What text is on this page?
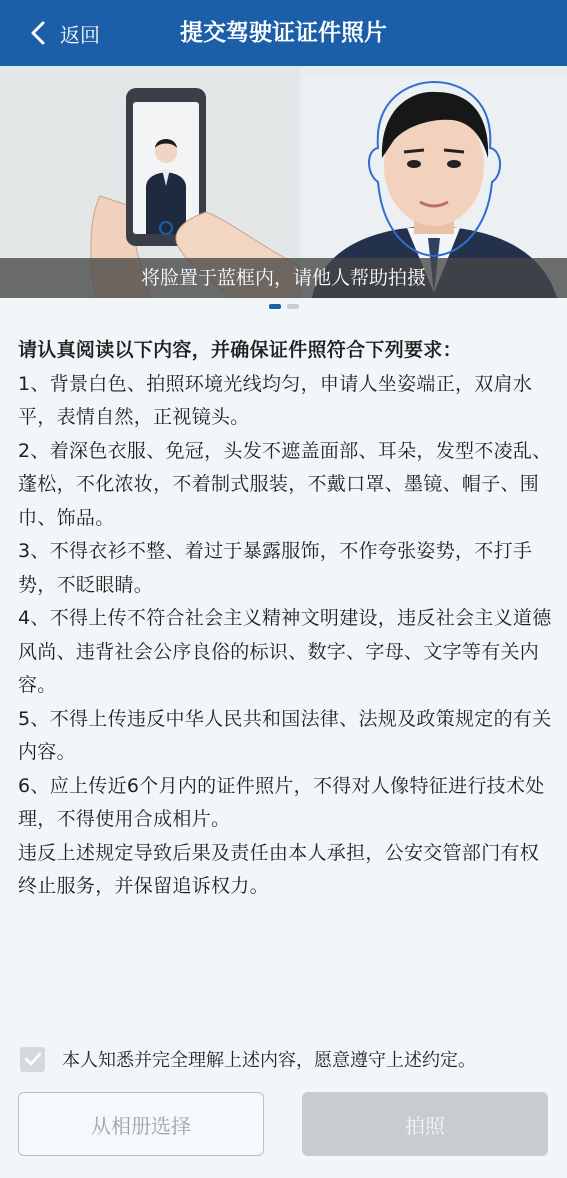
返回	提交驾驶证证件照片
将脸置于蓝框内，请他人帮助拍摄

请认真阅读以下内容，并确保证件照符合下列要求：

1、背景白色、拍照环境光线均匀，申请人坐姿端正，双肩水平，表情自然，正视镜头。

2、着深色衣服、免冠，头发不遮盖面部、耳朵，发型不凌乱、蓬松，不化浓妆，不着制式服装，不戴口罩、墨镜、帽子、围巾、饰品。

3、不得衣衫不整、着过于暴露服饰，不作夸张姿势，不打手势，不眨眼睛。

4、不得上传不符合社会主义精神文明建设，违反社会主义道德风尚、违背社会公序良俗的标识、数字、字母、文字等有关内容。

5、不得上传违反中华人民共和国法律、法规及政策规定的有关内容。

6、应上传近6个月内的证件照片，不得对人像特征进行技术处理，不得使用合成相片。

违反上述规定导致后果及责任由本人承担，公安交管部门有权终止服务，并保留追诉权力。

本人知悉并完全理解上述内容，愿意遵守上述约定。
从相册选择	拍照
